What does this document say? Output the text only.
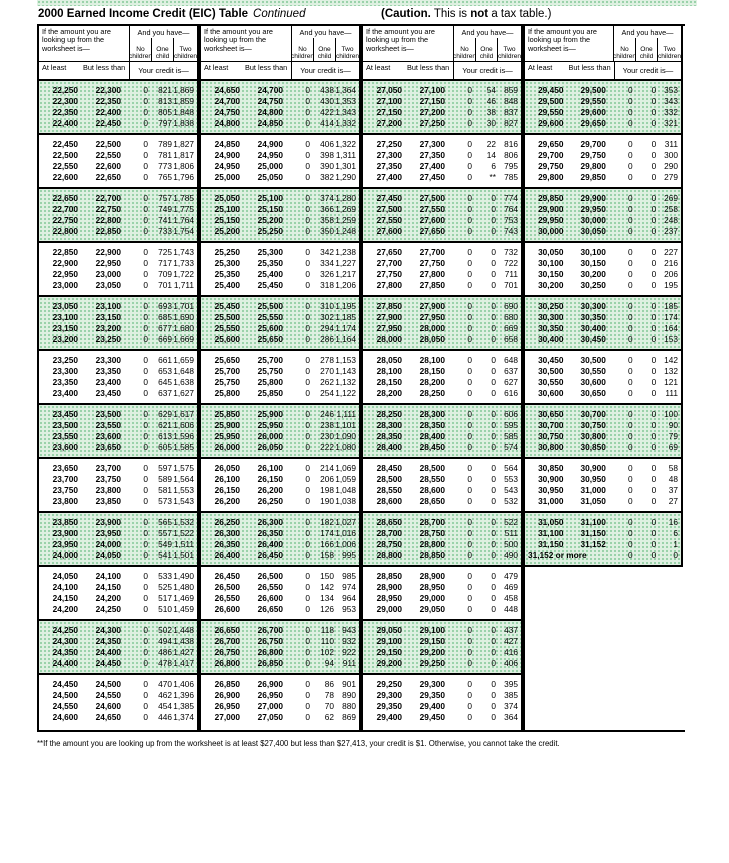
2000 Earned Income Credit (EIC) Table Continued	(Caution. This is not a tax table.)
If the amount you are looking up from the worksheet is—
And you have—
No children
One child
Two children
At least	But less than	Your credit is—
22,250	22,300	0	821 1,869
22,300	22,350	0	813 1,859
22,350	22,400	0	805 1,848
22,400	22,450	0	797 1,838
22,450	22,500	0	789 1,827
22,500	22,550	0	781 1,817
22,550	22,600	0	773 1,806
22,600	22,650	0	765 1,796
22,650	22,700	0	757 1,785
22,700	22,750	0	749 1,775
22,750	22,800	0	741 1,764
22,800	22,850	0	733 1,754
22,850	22,900	0	725 1,743
22,900	22,950	0	717 1,733
22,950	23,000	0	709 1,722
23,000	23,050	0	701 1,711
23,050	23,100	0	693 1,701
23,100	23,150	0	685 1,690
23,150	23,200	0	677 1,680
23,200	23,250	0	669 1,669
23,250	23,300	0	661 1,659
23,300	23,350	0	653 1,648
23,350	23,400	0	645 1,638
23,400	23,450	0	637 1,627
23,450	23,500	0	629 1,617
23,500	23,550	0	621 1,606
23,550	23,600	0	613 1,596
23,600	23,650	0	605 1,585
23,650	23,700	0	597 1,575
23,700	23,750	0	589 1,564
23,750	23,800	0	581 1,553
23,800	23,850	0	573 1,543
23,850	23,900	0	565 1,532
23,900	23,950	0	557 1,522
23,950	24,000	0	549 1,511
24,000	24,050	0	541 1,501
24,050	24,100	0	533 1,490
24,100	24,150	0	525 1,480
24,150	24,200	0	517 1,469
24,200	24,250	0	510 1,459
24,250	24,300	0	502 1,448
24,300	24,350	0	494 1,438
24,350	24,400	0	486 1,427
24,400	24,450	0	478 1,417
24,450	24,500	0	470 1,406
24,500	24,550	0	462 1,396
24,550	24,600	0	454 1,385
24,600	24,650	0	446 1,374
If the amount you are looking up from the worksheet is—
And you have—
No children
One child
Two children
At least	But less than	Your credit is—
24,650	24,700	0	438 1,364
24,700	24,750	0	430 1,353
24,750	24,800	0	422 1,343
24,800	24,850	0	414 1,332
24,850	24,900	0	406 1,322
24,900	24,950	0	398 1,311
24,950	25,000	0	390 1,301
25,000	25,050	0	382 1,290
25,050	25,100	0	374 1,280
25,100	25,150	0	366 1,269
25,150	25,200	0	358 1,259
25,200	25,250	0	350 1,248
25,250	25,300	0	342 1,238
25,300	25,350	0	334 1,227
25,350	25,400	0	326 1,217
25,400	25,450	0	318 1,206
25,450	25,500	0	310 1,195
25,500	25,550	0	302 1,185
25,550	25,600	0	294 1,174
25,600	25,650	0	286 1,164
25,650	25,700	0	278 1,153
25,700	25,750	0	270 1,143
25,750	25,800	0	262 1,132
25,800	25,850	0	254 1,122
25,850	25,900	0	246 1,111
25,900	25,950	0	238 1,101
25,950	26,000	0	230 1,090
26,000	26,050	0	222 1,080
26,050	26,100	0	214 1,069
26,100	26,150	0	206 1,059
26,150	26,200	0	198 1,048
26,200	26,250	0	190 1,038
26,250	26,300	0	182 1,027
26,300	26,350	0	174 1,016
26,350	26,400	0	166 1,006
26,400	26,450	0	158 995
26,450	26,500	0	150 985
26,500	26,550	0	142 974
26,550	26,600	0	134 964
26,600	26,650	0	126 953
26,650	26,700	0	118 943
26,700	26,750	0	110 932
26,750	26,800	0	102 922
26,800	26,850	0	94	911
26,850	26,900	0	86 901
26,900	26,950	0	78 890
26,950	27,000	0	70 880
27,000	27,050	0	62 869
If the amount you are looking up from the worksheet is—
And you have—
No children
One child
Two children
At least	But less than	Your credit is—
27,050	27,100	0	54 859
27,100	27,150	0	46 848
27,150	27,200	0	38 837
27,200	27,250	0	30 827
27,250	27,300	0	22 816
27,300	27,350	0	14 806
27,350	27,400	0	6 795
27,400	27,450	0	** 785
27,450	27,500	0	0 774
27,500	27,550	0	0 764
27,550	27,600	0	0 753
27,600	27,650	0	0 743
27,650	27,700	0	0 732
27,700	27,750	0	0 722
27,750	27,800	0	0	711
27,800	27,850	0	0 701
27,850	27,900	0	0 690
27,900	27,950	0	0 680
27,950	28,000	0	0 669
28,000	28,050	0	0 658
28,050	28,100	0	0 648
28,100	28,150	0	0 637
28,150	28,200	0	0 627
28,200	28,250	0	0 616
28,250	28,300	0	0 606
28,300	28,350	0	0 595
28,350	28,400	0	0 585
28,400	28,450	0	0 574
28,450	28,500	0	0 564
28,500	28,550	0	0 553
28,550	28,600	0	0 543
28,600	28,650	0	0 532
28,650	28,700	0	0 522
28,700	28,750	0	0	511
28,750	28,800	0	0 500
28,800	28,850	0	0 490
28,850	28,900	0	0 479
28,900	28,950	0	0 469
28,950	29,000	0	0 458
29,000	29,050	0	0 448
29,050	29,100	0	0 437
29,100	29,150	0	0 427
29,150	29,200	0	0 416
29,200	29,250	0	0 406
29,250	29,300	0	0 395
29,300	29,350	0	0 385
29,350	29,400	0	0 374
29,400	29,450	0	0 364
If the amount you are looking up from the worksheet is—
And you have—
No children
One child
Two children
At least	But less than	Your credit is—
29,450	29,500	0	0 353
29,500	29,550	0	0 343
29,550	29,600	0	0 332
29,600	29,650	0	0 321
29,650	29,700	0	0	311
29,700	29,750	0	0 300
29,750	29,800	0	0 290
29,800	29,850	0	0 279
29,850	29,900	0	0 269
29,900	29,950	0	0 258
29,950	30,000	0	0 248
30,000	30,050	0	0 237
30,050	30,100	0	0 227
30,100	30,150	0	0 216
30,150	30,200	0	0 206
30,200	30,250	0	0 195
30,250	30,300	0	0 185
30,300	30,350	0	0 174
30,350	30,400	0	0 164
30,400	30,450	0	0 153
30,450	30,500	0	0 142
30,500	30,550	0	0 132
30,550	30,600	0	0 121
30,600	30,650	0	0	111
30,650	30,700	0	0 100
30,700	30,750	0	0	90
30,750	30,800	0	0	79
30,800	30,850	0	0	69
30,850	30,900	0	0	58
30,900	30,950	0	0	48
30,950	31,000	0	0	37
31,000	31,050	0	0	27
31,050	31,100	0	0	16
31,100	31,150	0	0	6
31,150	31,152	0	0	1
31,152 or more	0	0	0
**If the amount you are looking up from the worksheet is at least $27,400 but less than $27,413, your credit is $1. Otherwise, you cannot take the credit.
